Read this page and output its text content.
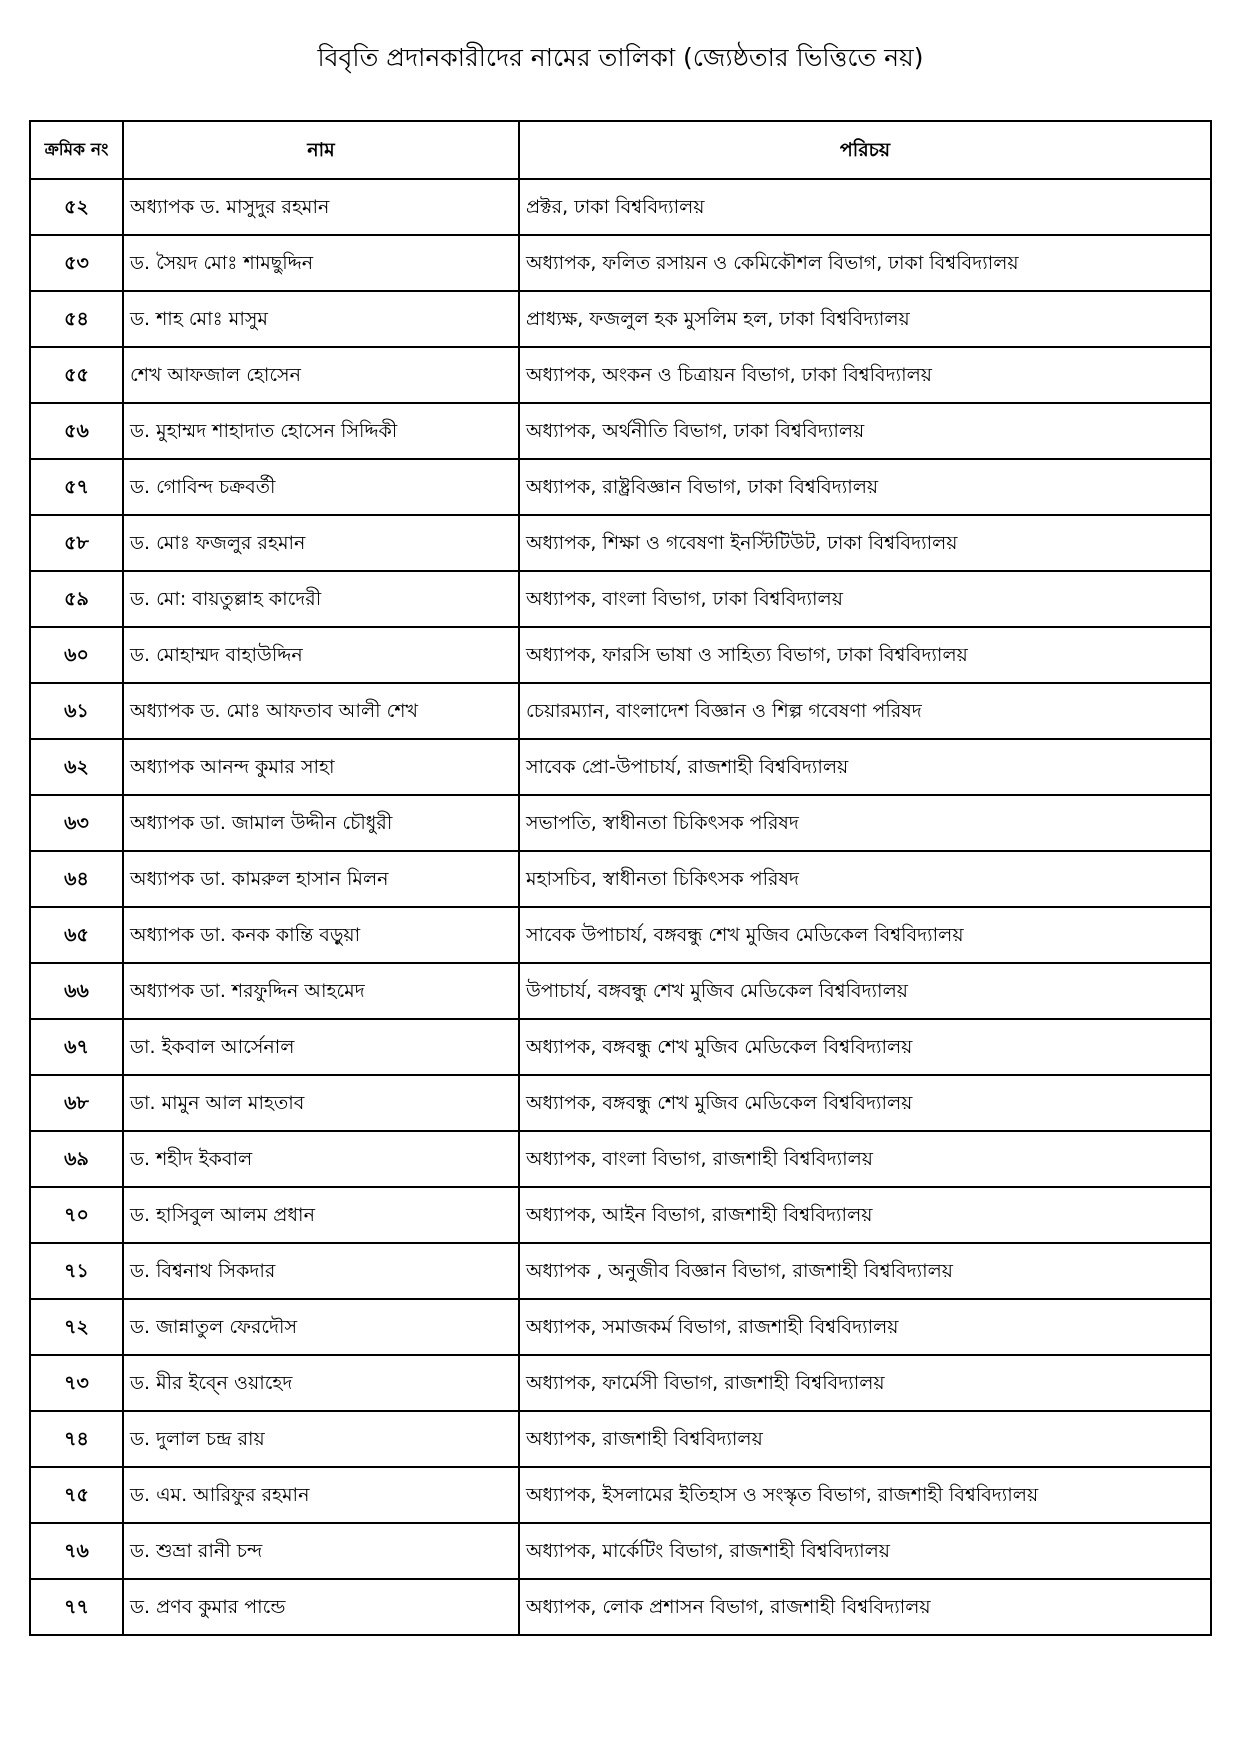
বিবৃতি প্রদানকারীদের নামের তালিকা (জ্যেষ্ঠতার ভিত্তিতে নয়)
ক্রমিক নং	নাম	পরিচয়
৫২	অধ্যাপক ড. মাসুদুর রহমান	প্রক্টর, ঢাকা বিশ্ববিদ্যালয়
৫৩	ড. সৈয়দ মোঃ শামছুদ্দিন	অধ্যাপক, ফলিত রসায়ন ও কেমিকৌশল বিভাগ, ঢাকা বিশ্ববিদ্যালয়
৫৪	ড. শাহ মোঃ মাসুম	প্রাধ্যক্ষ, ফজলুল হক মুসলিম হল, ঢাকা বিশ্ববিদ্যালয়
৫৫	শেখ আফজাল হোসেন	অধ্যাপক, অংকন ও চিত্রায়ন বিভাগ, ঢাকা বিশ্ববিদ্যালয়
৫৬	ড. মুহাম্মদ শাহাদাত হোসেন সিদ্দিকী	অধ্যাপক, অর্থনীতি বিভাগ, ঢাকা বিশ্ববিদ্যালয়
৫৭	ড. গোবিন্দ চক্রবর্তী	অধ্যাপক, রাষ্ট্রবিজ্ঞান বিভাগ, ঢাকা বিশ্ববিদ্যালয়
৫৮	ড. মোঃ ফজলুর রহমান	অধ্যাপক, শিক্ষা ও গবেষণা ইনস্টিটিউট, ঢাকা বিশ্ববিদ্যালয়
৫৯	ড. মো: বায়তুল্লাহ কাদেরী	অধ্যাপক, বাংলা বিভাগ, ঢাকা বিশ্ববিদ্যালয়
৬০	ড. মোহাম্মদ বাহাউদ্দিন	অধ্যাপক, ফারসি ভাষা ও সাহিত্য বিভাগ, ঢাকা বিশ্ববিদ্যালয়
৬১	অধ্যাপক ড. মোঃ আফতাব আলী শেখ	চেয়ারম্যান, বাংলাদেশ বিজ্ঞান ও শিল্প গবেষণা পরিষদ
৬২	অধ্যাপক আনন্দ কুমার সাহা	সাবেক প্রো-উপাচার্য, রাজশাহী বিশ্ববিদ্যালয়
৬৩	অধ্যাপক ডা. জামাল উদ্দীন চৌধুরী	সভাপতি, স্বাধীনতা চিকিৎসক পরিষদ
৬৪	অধ্যাপক ডা. কামরুল হাসান মিলন	মহাসচিব, স্বাধীনতা চিকিৎসক পরিষদ
৬৫	অধ্যাপক ডা. কনক কান্তি বড়ুয়া	সাবেক উপাচার্য, বঙ্গবন্ধু শেখ মুজিব মেডিকেল বিশ্ববিদ্যালয়
৬৬	অধ্যাপক ডা. শরফুদ্দিন আহমেদ	উপাচার্য, বঙ্গবন্ধু শেখ মুজিব মেডিকেল বিশ্ববিদ্যালয়
৬৭	ডা. ইকবাল আর্সেনাল	অধ্যাপক, বঙ্গবন্ধু শেখ মুজিব মেডিকেল বিশ্ববিদ্যালয়
৬৮	ডা. মামুন আল মাহতাব	অধ্যাপক, বঙ্গবন্ধু শেখ মুজিব মেডিকেল বিশ্ববিদ্যালয়
৬৯	ড. শহীদ ইকবাল	অধ্যাপক, বাংলা বিভাগ, রাজশাহী বিশ্ববিদ্যালয়
৭০	ড. হাসিবুল আলম প্রধান	অধ্যাপক, আইন বিভাগ, রাজশাহী বিশ্ববিদ্যালয়
৭১	ড. বিশ্বনাথ সিকদার	অধ্যাপক , অনুজীব বিজ্ঞান বিভাগ, রাজশাহী বিশ্ববিদ্যালয়
৭২	ড. জান্নাতুল ফেরদৌস	অধ্যাপক, সমাজকর্ম বিভাগ, রাজশাহী বিশ্ববিদ্যালয়
৭৩	ড. মীর ইব্নে ওয়াহেদ	অধ্যাপক, ফার্মেসী বিভাগ, রাজশাহী বিশ্ববিদ্যালয়
৭৪	ড. দুলাল চন্দ্র রায়	অধ্যাপক, রাজশাহী বিশ্ববিদ্যালয়
৭৫	ড. এম. আরিফুর রহমান	অধ্যাপক, ইসলামের ইতিহাস ও সংস্কৃত বিভাগ, রাজশাহী বিশ্ববিদ্যালয়
৭৬	ড. শুভ্রা রানী চন্দ	অধ্যাপক, মার্কেটিং বিভাগ, রাজশাহী বিশ্ববিদ্যালয়
৭৭	ড. প্রণব কুমার পান্ডে	অধ্যাপক, লোক প্রশাসন বিভাগ, রাজশাহী বিশ্ববিদ্যালয়
